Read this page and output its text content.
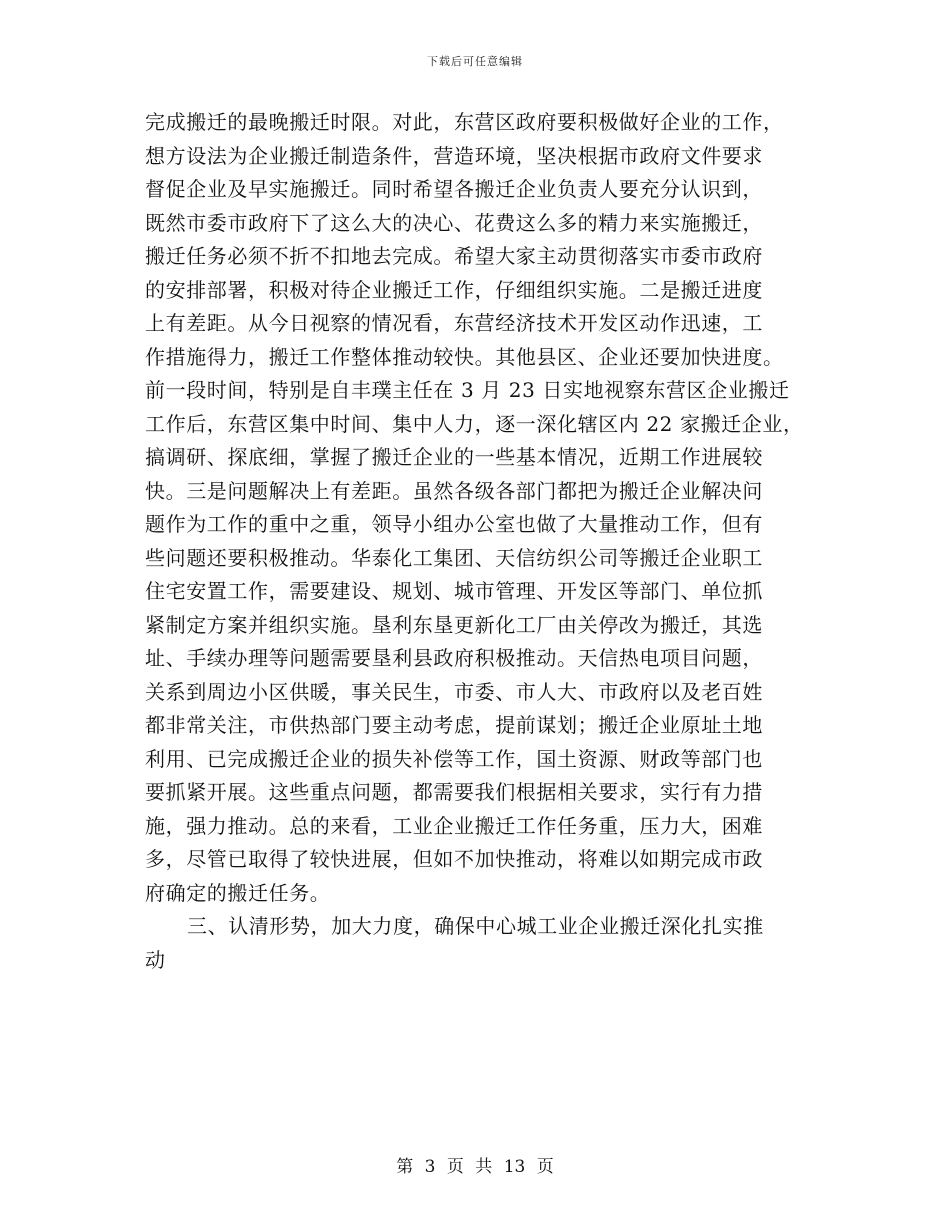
下载后可任意编辑
完成搬迁的最晚搬迁时限。对此，东营区政府要积极做好企业的工作，
想方设法为企业搬迁制造条件，营造环境，坚决根据市政府文件要求
督促企业及早实施搬迁。同时希望各搬迁企业负责人要充分认识到，
既然市委市政府下了这么大的决心、花费这么多的精力来实施搬迁，
搬迁任务必须不折不扣地去完成。希望大家主动贯彻落实市委市政府
的安排部署，积极对待企业搬迁工作，仔细组织实施。二是搬迁进度
上有差距。从今日视察的情况看，东营经济技术开发区动作迅速，工
作措施得力，搬迁工作整体推动较快。其他县区、企业还要加快进度。
前一段时间，特别是自丰璞主任在 3 月 23 日实地视察东营区企业搬迁
工作后，东营区集中时间、集中人力，逐一深化辖区内 22 家搬迁企业，
搞调研、探底细，掌握了搬迁企业的一些基本情况，近期工作进展较
快。三是问题解决上有差距。虽然各级各部门都把为搬迁企业解决问
题作为工作的重中之重，领导小组办公室也做了大量推动工作，但有
些问题还要积极推动。华泰化工集团、天信纺织公司等搬迁企业职工
住宅安置工作，需要建设、规划、城市管理、开发区等部门、单位抓
紧制定方案并组织实施。垦利东垦更新化工厂由关停改为搬迁，其选
址、手续办理等问题需要垦利县政府积极推动。天信热电项目问题，
关系到周边小区供暖，事关民生，市委、市人大、市政府以及老百姓
都非常关注，市供热部门要主动考虑，提前谋划；搬迁企业原址土地
利用、已完成搬迁企业的损失补偿等工作，国土资源、财政等部门也
要抓紧开展。这些重点问题，都需要我们根据相关要求，实行有力措
施，强力推动。总的来看，工业企业搬迁工作任务重，压力大，困难
多，尽管已取得了较快进展，但如不加快推动，将难以如期完成市政
府确定的搬迁任务。
三、认清形势，加大力度，确保中心城工业企业搬迁深化扎实推
动
第 3 页 共 13 页
